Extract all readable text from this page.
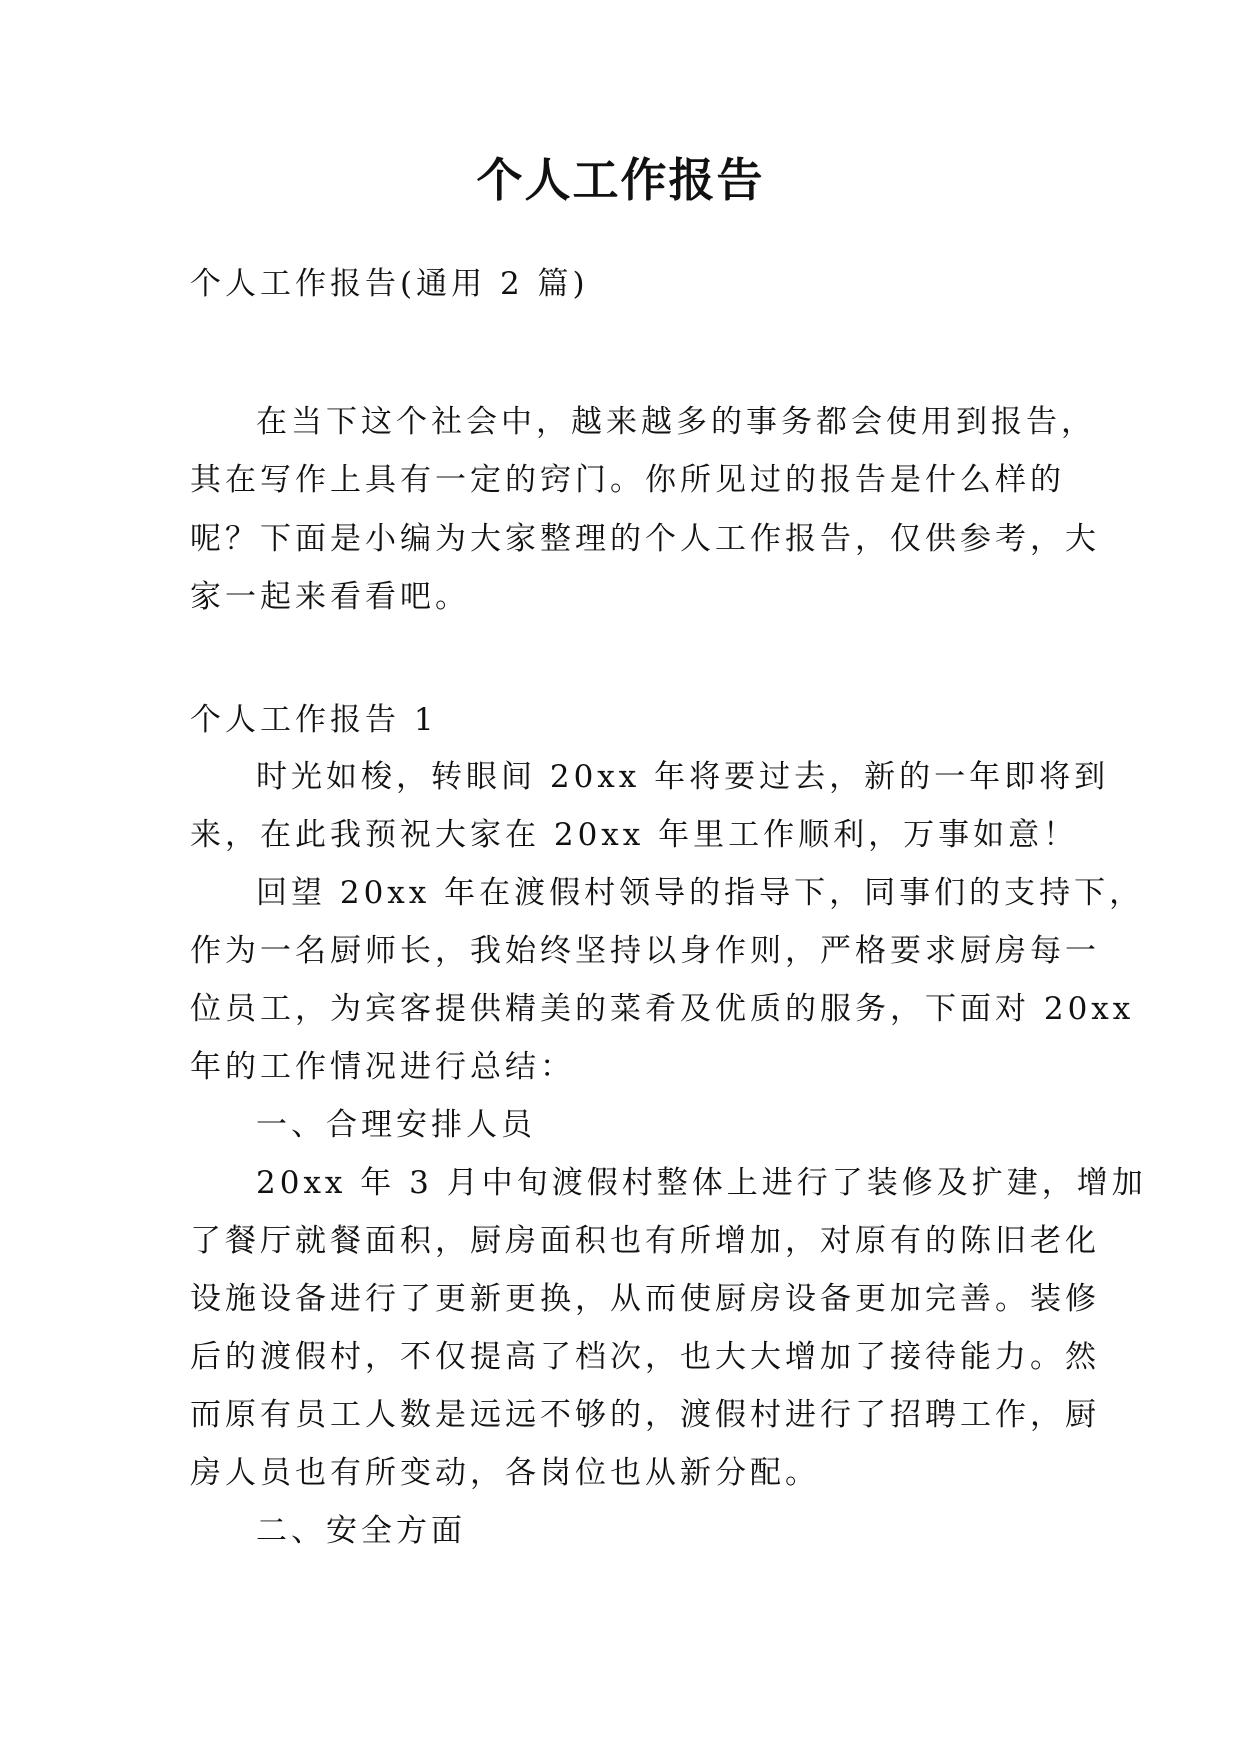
个人工作报告
个人工作报告(通用 2 篇)
在当下这个社会中，越来越多的事务都会使用到报告，
其在写作上具有一定的窍门。你所见过的报告是什么样的
呢？下面是小编为大家整理的个人工作报告，仅供参考，大
家一起来看看吧。
个人工作报告 1
时光如梭，转眼间 20xx 年将要过去，新的一年即将到
来，在此我预祝大家在 20xx 年里工作顺利，万事如意！
回望 20xx 年在渡假村领导的指导下，同事们的支持下，
作为一名厨师长，我始终坚持以身作则，严格要求厨房每一
位员工，为宾客提供精美的菜肴及优质的服务，下面对 20xx
年的工作情况进行总结：
一、合理安排人员
20xx 年 3 月中旬渡假村整体上进行了装修及扩建，增加
了餐厅就餐面积，厨房面积也有所增加，对原有的陈旧老化
设施设备进行了更新更换，从而使厨房设备更加完善。装修
后的渡假村，不仅提高了档次，也大大增加了接待能力。然
而原有员工人数是远远不够的，渡假村进行了招聘工作，厨
房人员也有所变动，各岗位也从新分配。
二、安全方面
